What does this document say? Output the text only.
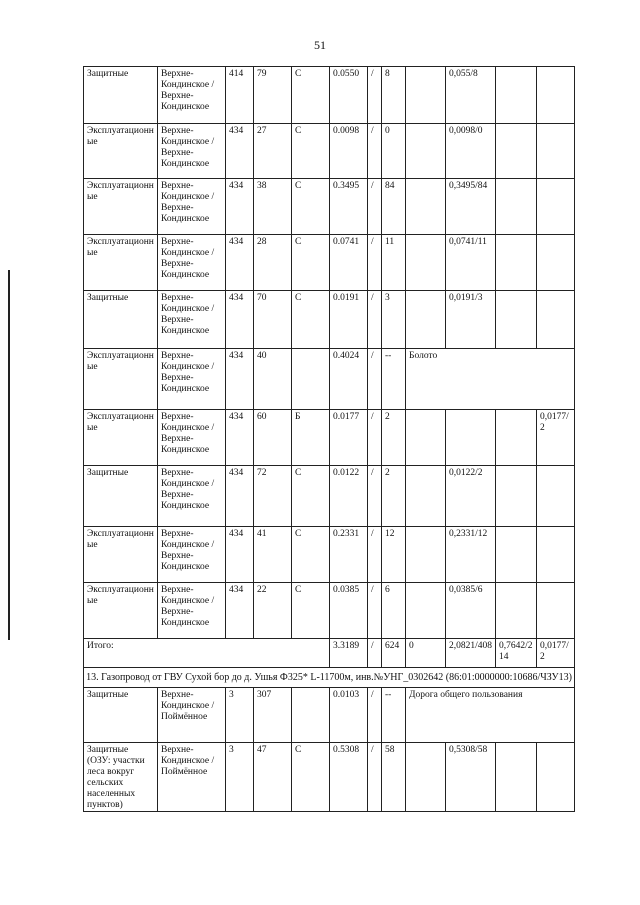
51
Защитные	Верхне-Кондинское / Верхне-Кондинское	414	79	С	0.0550	/	8		0,055/8		
Эксплуатационные	Верхне-Кондинское / Верхне-Кондинское	434	27	С	0.0098	/	0		0,0098/0		
Эксплуатационные	Верхне-Кондинское / Верхне-Кондинское	434	38	С	0.3495	/	84		0,3495/84		
Эксплуатационные	Верхне-Кондинское / Верхне-Кондинское	434	28	С	0.0741	/	11		0,0741/11		
Защитные	Верхне-Кондинское / Верхне-Кондинское	434	70	С	0.0191	/	3		0,0191/3		
Эксплуатационные	Верхне-Кондинское / Верхне-Кондинское	434	40		0.4024	/	--	Болото			
Эксплуатационные	Верхне-Кондинское / Верхне-Кондинское	434	60	Б	0.0177	/	2				0,0177/2
Защитные	Верхне-Кондинское / Верхне-Кондинское	434	72	С	0.0122	/	2		0,0122/2		
Эксплуатационные	Верхне-Кондинское / Верхне-Кондинское	434	41	С	0.2331	/	12		0,2331/12		
Эксплуатационные	Верхне-Кондинское / Верхне-Кондинское	434	22	С	0.0385	/	6		0,0385/6		
Итого:					3.3189	/	624	0	2,0821/408	0,7642/214	0,0177/2
13. Газопровод от ГВУ Сухой бор до д. Ушья Ф325* L-11700м, инв.№УНГ_0302642 (86:01:0000000:10686/ЧЗУ13)											
Защитные	Верхне-Кондинское / Поймённое	3	307		0.0103	/	--	Дорога общего пользования			
Защитные (ОЗУ: участки леса вокруг сельских населенных пунктов)	Верхне-Кондинское / Поймённое	3	47	С	0.5308	/	58		0,5308/58		
